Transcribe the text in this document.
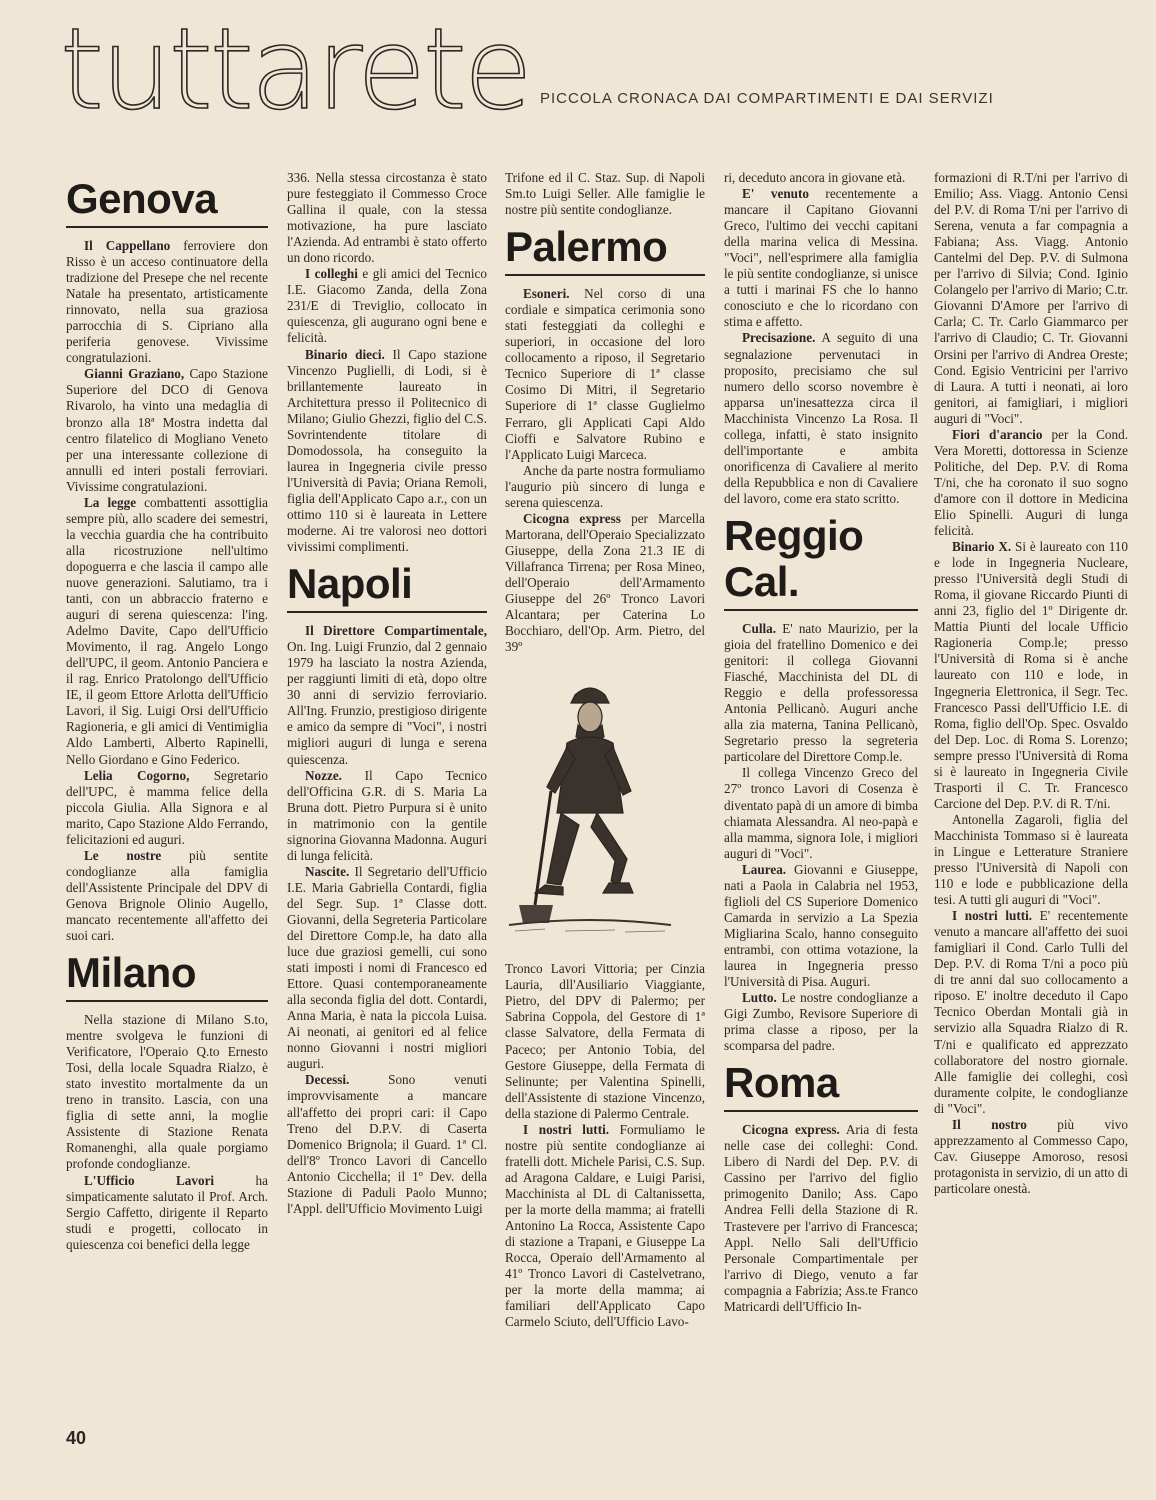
tuttarete PICCOLA CRONACA DAI COMPARTIMENTI E DAI SERVIZI
Genova

Il Cappellano ferroviere don Risso è un acceso continuatore della tradizione del Presepe che nel recente Natale ha presentato, artisticamente rinnovato, nella sua graziosa parrocchia di S. Cipriano alla periferia genovese. Vivissime congratulazioni.

Gianni Graziano, Capo Stazione Superiore del DCO di Genova Rivarolo, ha vinto una medaglia di bronzo alla 18ª Mostra indetta dal centro filatelico di Mogliano Veneto per una interessante collezione di annulli ed interi postali ferroviari. Vivissime congratulazioni.

La legge combattenti assottiglia sempre più, allo scadere dei semestri, la vecchia guardia che ha contribuito alla ricostruzione nell'ultimo dopoguerra e che lascia il campo alle nuove generazioni. Salutiamo, tra i tanti, con un abbraccio fraterno e auguri di serena quiescenza: l'ing. Adelmo Davite, Capo dell'Ufficio Movimento, il rag. Angelo Longo dell'UPC, il geom. Antonio Panciera e il rag. Enrico Pratolongo dell'Ufficio IE, il geom Ettore Arlotta dell'Ufficio Lavori, il Sig. Luigi Orsi dell'Ufficio Ragioneria, e gli amici di Ventimiglia Aldo Lamberti, Alberto Rapinelli, Nello Giordano e Gino Federico.

Lelia Cogorno, Segretario dell'UPC, è mamma felice della piccola Giulia. Alla Signora e al marito, Capo Stazione Aldo Ferrando, felicitazioni ed auguri.

Le nostre più sentite condoglianze alla famiglia dell'Assistente Principale del DPV di Genova Brignole Olinio Augello, mancato recentemente all'affetto dei suoi cari.

Milano

Nella stazione di Milano S.to, mentre svolgeva le funzioni di Verificatore, l'Operaio Q.to Ernesto Tosi, della locale Squadra Rialzo, è stato investito mortalmente da un treno in transito. Lascia, con una figlia di sette anni, la moglie Assistente di Stazione Renata Romanenghi, alla quale porgiamo profonde condoglianze.

L'Ufficio Lavori ha simpaticamente salutato il Prof. Arch. Sergio Caffetto, dirigente il Reparto studi e progetti, collocato in quiescenza coi benefici della legge

336. Nella stessa circostanza è stato pure festeggiato il Commesso Croce Gallina il quale, con la stessa motivazione, ha pure lasciato l'Azienda. Ad entrambi è stato offerto un dono ricordo.

I colleghi e gli amici del Tecnico I.E. Giacomo Zanda, della Zona 231/E di Treviglio, collocato in quiescenza, gli augurano ogni bene e felicità.

Binario dieci. Il Capo stazione Vincenzo Puglielli, di Lodi, si è brillantemente laureato in Architettura presso il Politecnico di Milano; Giulio Ghezzi, figlio del C.S. Sovrintendente titolare di Domodossola, ha conseguito la laurea in Ingegneria civile presso l'Università di Pavia; Oriana Remoli, figlia dell'Applicato Capo a.r., con un ottimo 110 si è laureata in Lettere moderne. Ai tre valorosi neo dottori vivissimi complimenti.

Napoli

Il Direttore Compartimentale, On. Ing. Luigi Frunzio, dal 2 gennaio 1979 ha lasciato la nostra Azienda, per raggiunti limiti di età, dopo oltre 30 anni di servizio ferroviario. All'Ing. Frunzio, prestigioso dirigente e amico da sempre di "Voci", i nostri migliori auguri di lunga e serena quiescenza.

Nozze. Il Capo Tecnico dell'Officina G.R. di S. Maria La Bruna dott. Pietro Purpura si è unito in matrimonio con la gentile signorina Giovanna Madonna. Auguri di lunga felicità.

Nascite. Il Segretario dell'Ufficio I.E. Maria Gabriella Contardi, figlia del Segr. Sup. 1ª Classe dott. Giovanni, della Segreteria Particolare del Direttore Comp.le, ha dato alla luce due graziosi gemelli, cui sono stati imposti i nomi di Francesco ed Ettore. Quasi contemporaneamente alla seconda figlia del dott. Contardi, Anna Maria, è nata la piccola Luisa. Ai neonati, ai genitori ed al felice nonno Giovanni i nostri migliori auguri.

Decessi. Sono venuti improvvisamente a mancare all'affetto dei propri cari: il Capo Treno del D.P.V. di Caserta Domenico Brignola; il Guard. 1ª Cl. dell'8º Tronco Lavori di Cancello Antonio Cicchella; il 1º Dev. della Stazione di Paduli Paolo Munno; l'Appl. dell'Ufficio Movimento Luigi

Trifone ed il C. Staz. Sup. di Napoli Sm.to Luigi Seller. Alle famiglie le nostre più sentite condoglianze.

Palermo

Esoneri. Nel corso di una cordiale e simpatica cerimonia sono stati festeggiati da colleghi e superiori, in occasione del loro collocamento a riposo, il Segretario Tecnico Superiore di 1ª classe Cosimo Di Mitri, il Segretario Superiore di 1ª classe Guglielmo Ferraro, gli Applicati Capi Aldo Cioffi e Salvatore Rubino e l'Applicato Luigi Marceca.

Anche da parte nostra formuliamo l'augurio più sincero di lunga e serena quiescenza.

Cicogna express per Marcella Martorana, dell'Operaio Specializzato Giuseppe, della Zona 21.3 IE di Villafranca Tirrena; per Rosa Mineo, dell'Operaio dell'Armamento Giuseppe del 26º Tronco Lavori Alcantara; per Caterina Lo Bocchiaro, dell'Op. Arm. Pietro, del 39º

Tronco Lavori Vittoria; per Cinzia Lauria, dll'Ausiliario Viaggiante, Pietro, del DPV di Palermo; per Sabrina Coppola, del Gestore di 1ª classe Salvatore, della Fermata di Paceco; per Antonio Tobia, del Gestore Giuseppe, della Fermata di Selinunte; per Valentina Spinelli, dell'Assistente di stazione Vincenzo, della stazione di Palermo Centrale.

I nostri lutti. Formuliamo le nostre più sentite condoglianze ai fratelli dott. Michele Parisi, C.S. Sup. ad Aragona Caldare, e Luigi Parisi, Macchinista al DL di Caltanissetta, per la morte della mamma; ai fratelli Antonino La Rocca, Assistente Capo di stazione a Trapani, e Giuseppe La Rocca, Operaio dell'Armamento al 41º Tronco Lavori di Castelvetrano, per la morte della mamma; ai familiari dell'Applicato Capo Carmelo Sciuto, dell'Ufficio Lavo-

ri, deceduto ancora in giovane età.

E' venuto recentemente a mancare il Capitano Giovanni Greco, l'ultimo dei vecchi capitani della marina velica di Messina. "Voci", nell'esprimere alla famiglia le più sentite condoglianze, si unisce a tutti i marinai FS che lo hanno conosciuto e che lo ricordano con stima e affetto.

Precisazione. A seguito di una segnalazione pervenutaci in proposito, precisiamo che sul numero dello scorso novembre è apparsa un'inesattezza circa il Macchinista Vincenzo La Rosa. Il collega, infatti, è stato insignito dell'importante e ambita onorificenza di Cavaliere al merito della Repubblica e non di Cavaliere del lavoro, come era stato scritto.

Reggio Cal.

Culla. E' nato Maurizio, per la gioia del fratellino Domenico e dei genitori: il collega Giovanni Fiasché, Macchinista del DL di Reggio e della professoressa Antonia Pellicanò. Auguri anche alla zia materna, Tanina Pellicanò, Segretario presso la segreteria particolare del Direttore Comp.le.

Il collega Vincenzo Greco del 27º tronco Lavori di Cosenza è diventato papà di un amore di bimba chiamata Alessandra. Al neo-papà e alla mamma, signora Iole, i migliori auguri di "Voci".

Laurea. Giovanni e Giuseppe, nati a Paola in Calabria nel 1953, figlioli del CS Superiore Domenico Camarda in servizio a La Spezia Migliarina Scalo, hanno conseguito entrambi, con ottima votazione, la laurea in Ingegneria presso l'Università di Pisa. Auguri.

Lutto. Le nostre condoglianze a Gigi Zumbo, Revisore Superiore di prima classe a riposo, per la scomparsa del padre.

Roma

Cicogna express. Aria di festa nelle case dei colleghi: Cond. Libero di Nardi del Dep. P.V. di Cassino per l'arrivo del figlio primogenito Danilo; Ass. Capo Andrea Felli della Stazione di R. Trastevere per l'arrivo di Francesca; Appl. Nello Sali dell'Ufficio Personale Compartimentale per l'arrivo di Diego, venuto a far compagnia a Fabrizia; Ass.te Franco Matricardi dell'Ufficio In-

formazioni di R.T/ni per l'arrivo di Emilio; Ass. Viagg. Antonio Censi del P.V. di Roma T/ni per l'arrivo di Serena, venuta a far compagnia a Fabiana; Ass. Viagg. Antonio Cantelmi del Dep. P.V. di Sulmona per l'arrivo di Silvia; Cond. Iginio Colangelo per l'arrivo di Mario; C.tr. Giovanni D'Amore per l'arrivo di Carla; C. Tr. Carlo Giammarco per l'arrivo di Claudio; C. Tr. Giovanni Orsini per l'arrivo di Andrea Oreste; Cond. Egisio Ventricini per l'arrivo di Laura. A tutti i neonati, ai loro genitori, ai famigliari, i migliori auguri di "Voci".

Fiori d'arancio per la Cond. Vera Moretti, dottoressa in Scienze Politiche, del Dep. P.V. di Roma T/ni, che ha coronato il suo sogno d'amore con il dottore in Medicina Elio Spinelli. Auguri di lunga felicità.

Binario X. Si è laureato con 110 e lode in Ingegneria Nucleare, presso l'Università degli Studi di Roma, il giovane Riccardo Piunti di anni 23, figlio del 1º Dirigente dr. Mattia Piunti del locale Ufficio Ragioneria Comp.le; presso l'Università di Roma si è anche laureato con 110 e lode, in Ingegneria Elettronica, il Segr. Tec. Francesco Passi dell'Ufficio I.E. di Roma, figlio dell'Op. Spec. Osvaldo del Dep. Loc. di Roma S. Lorenzo; sempre presso l'Università di Roma si è laureato in Ingegneria Civile Trasporti il C. Tr. Francesco Carcione del Dep. P.V. di R. T/ni.

Antonella Zagaroli, figlia del Macchinista Tommaso si è laureata in Lingue e Letterature Straniere presso l'Università di Napoli con 110 e lode e pubblicazione della tesi. A tutti gli auguri di "Voci".

I nostri lutti. E' recentemente venuto a mancare all'affetto dei suoi famigliari il Cond. Carlo Tulli del Dep. P.V. di Roma T/ni a poco più di tre anni dal suo collocamento a riposo. E' inoltre deceduto il Capo Tecnico Oberdan Montali già in servizio alla Squadra Rialzo di R. T/ni e qualificato ed apprezzato collaboratore del nostro giornale. Alle famiglie dei colleghi, così duramente colpite, le condoglianze di "Voci".

Il nostro più vivo apprezzamento al Commesso Capo, Cav. Giuseppe Amoroso, resosi protagonista in servizio, di un atto di particolare onestà.

40
